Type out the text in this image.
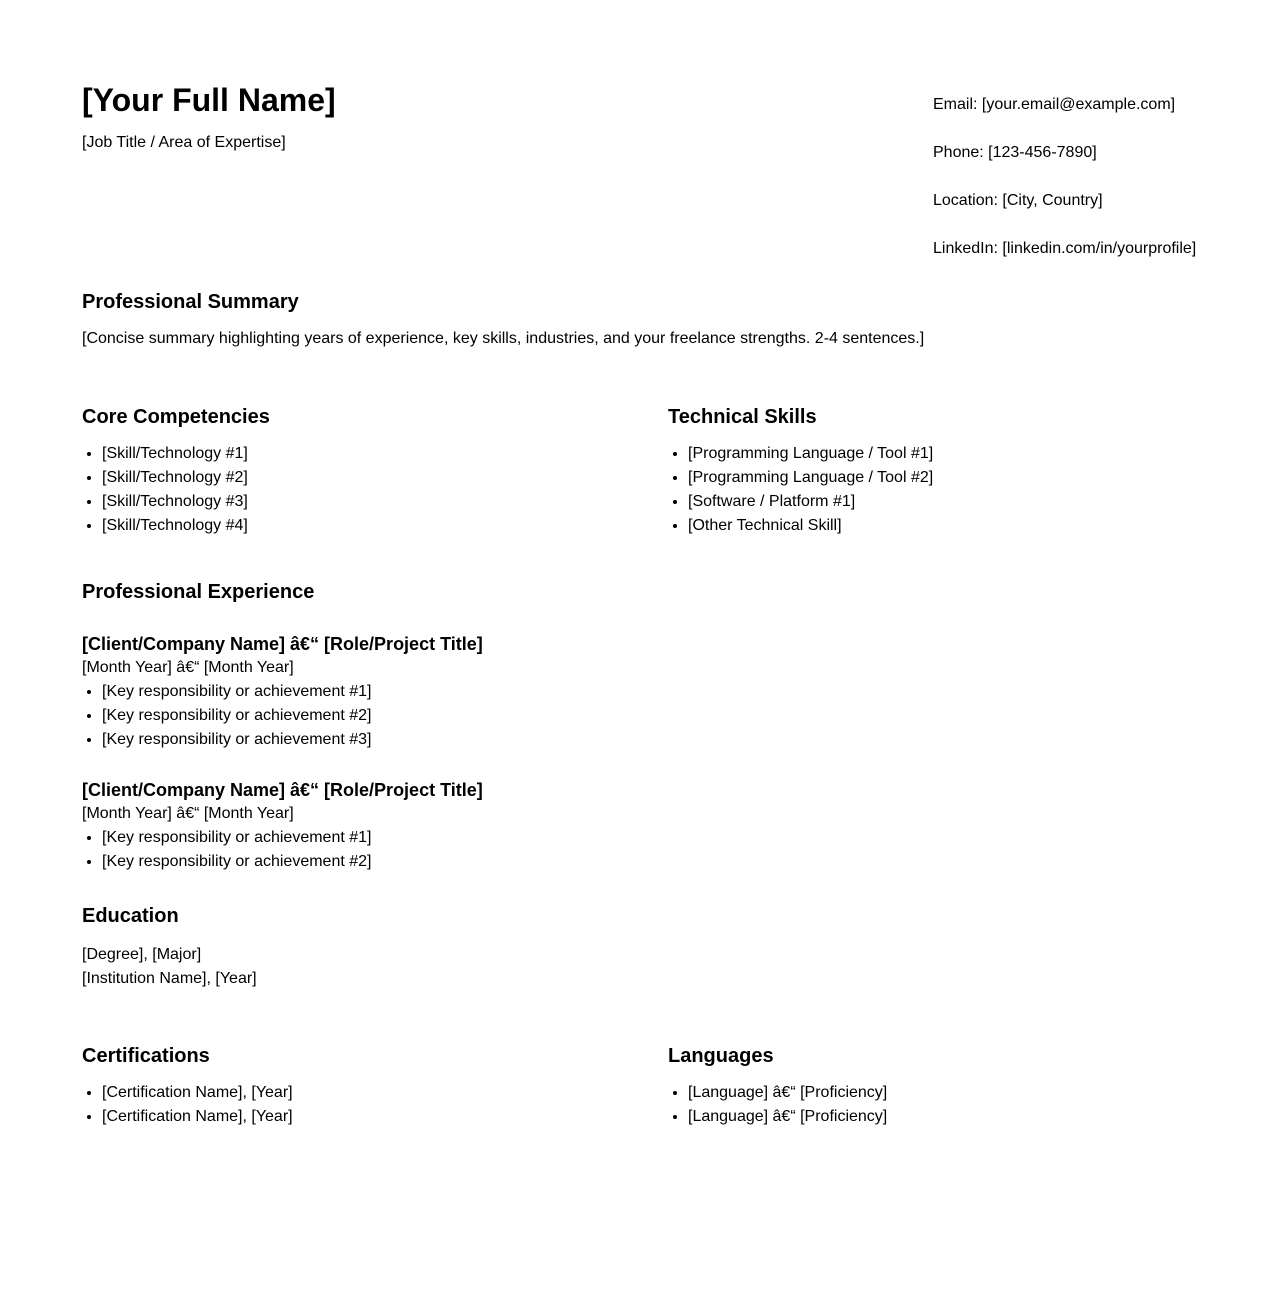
[Your Full Name]

[Job Title / Area of Expertise]

Email: [your.email@example.com]
Phone: [123-456-7890]
Location: [City, Country]
LinkedIn: [linkedin.com/in/yourprofile]
Professional Summary

[Concise summary highlighting years of experience, key skills, industries, and your freelance strengths. 2-4 sentences.]

Core Competencies
• [Skill/Technology #1]
• [Skill/Technology #2]
• [Skill/Technology #3]
• [Skill/Technology #4]
Technical Skills
• [Programming Language / Tool #1]
• [Programming Language / Tool #2]
• [Software / Platform #1]
• [Other Technical Skill]
Professional Experience
[Client/Company Name] â€“ [Role/Project Title]
[Month Year] â€“ [Month Year]
• [Key responsibility or achievement #1]
• [Key responsibility or achievement #2]
• [Key responsibility or achievement #3]
[Client/Company Name] â€“ [Role/Project Title]
[Month Year] â€“ [Month Year]
• [Key responsibility or achievement #1]
• [Key responsibility or achievement #2]
Education
[Degree], [Major]
[Institution Name], [Year]
Certifications
• [Certification Name], [Year]
• [Certification Name], [Year]
Languages
• [Language] â€“ [Proficiency]
• [Language] â€“ [Proficiency]
